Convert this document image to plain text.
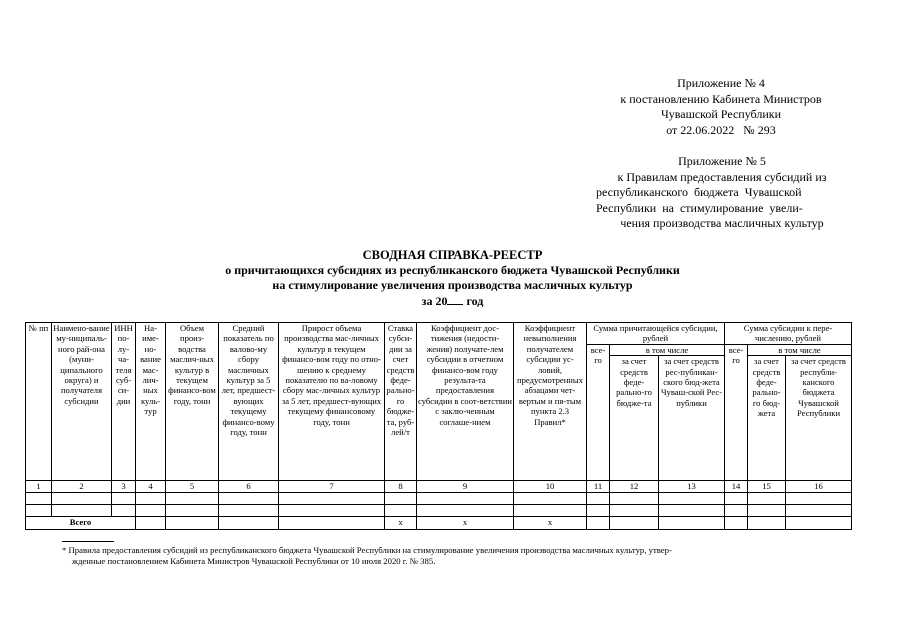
Приложение № 4
к постановлению Кабинета Министров
Чувашской Республики
от 22.06.2022   № 293
Приложение № 5
к Правилам предоставления субсидий из
республиканского  бюджета  Чувашской
Республики  на  стимулирование  увели-
чения производства масличных культур
СВОДНАЯ СПРАВКА-РЕЕСТР
о причитающихся субсидиях из республиканского бюджета Чувашской Республики
на стимулирование увеличения производства масличных культур
за 20 год
№ пп	Наимено-вание му-ниципаль-ного рай-она (муни-ципального округа) и получателя субсидии	ИНН по-лу-ча-теля суб-си-дии	На-име-но-вание мас-лич-ных куль-тур	Объем произ-водства маслич-ных культур в текущем финансо-вом году, тонн	Средний показатель по валово-му сбору масличных культур за 5 лет, предшест-вующих текущему финансо-вому году, тонн	Прирост объема производства мас-личных культур в текущем финансо-вом году по отно-шению к среднему показателю по ва-ловому сбору мас-личных культур за 5 лет, предшест-вующих текущему финансовому году, тонн	Ставка субси-дии за счет средств феде-рально-го бюдже-та, руб-лей/т	Коэффициент дос-тижения (недости-жения) получате-лем субсидии в отчетном финансо-вом году результа-та предоставления субсидии в соот-ветствии с заклю-ченным соглаше-нием	Коэффициент невыполнения получателем субсидии ус-ловий, предусмотренных абзацами чет-вертым и пя-тым пункта 2.3 Правил*	Сумма причитающейся субсидии, рублей			Сумма субсидии к пере-числению, рублей		
										все-го	в том числе		все-го	в том числе	
											за счет средств феде-рально-го бюдже-та	за счет средств рес-публикан-ского бюд-жета Чуваш-ской Рес-публики		за счет средств феде-рально-го бюд-жета	за счет средств республи-канского бюджета Чувашской Республики
1	2	3	4	5	6	7	8	9	10	11	12	13	14	15	16

Всего							х	х	х						
* Правила предоставления субсидий из республиканского бюджета Чувашской Республики на стимулирование увеличения производства масличных культур, утвер-
жденные постановлением Кабинета Министров Чувашской Республики от 10 июля 2020 г. № 385.
